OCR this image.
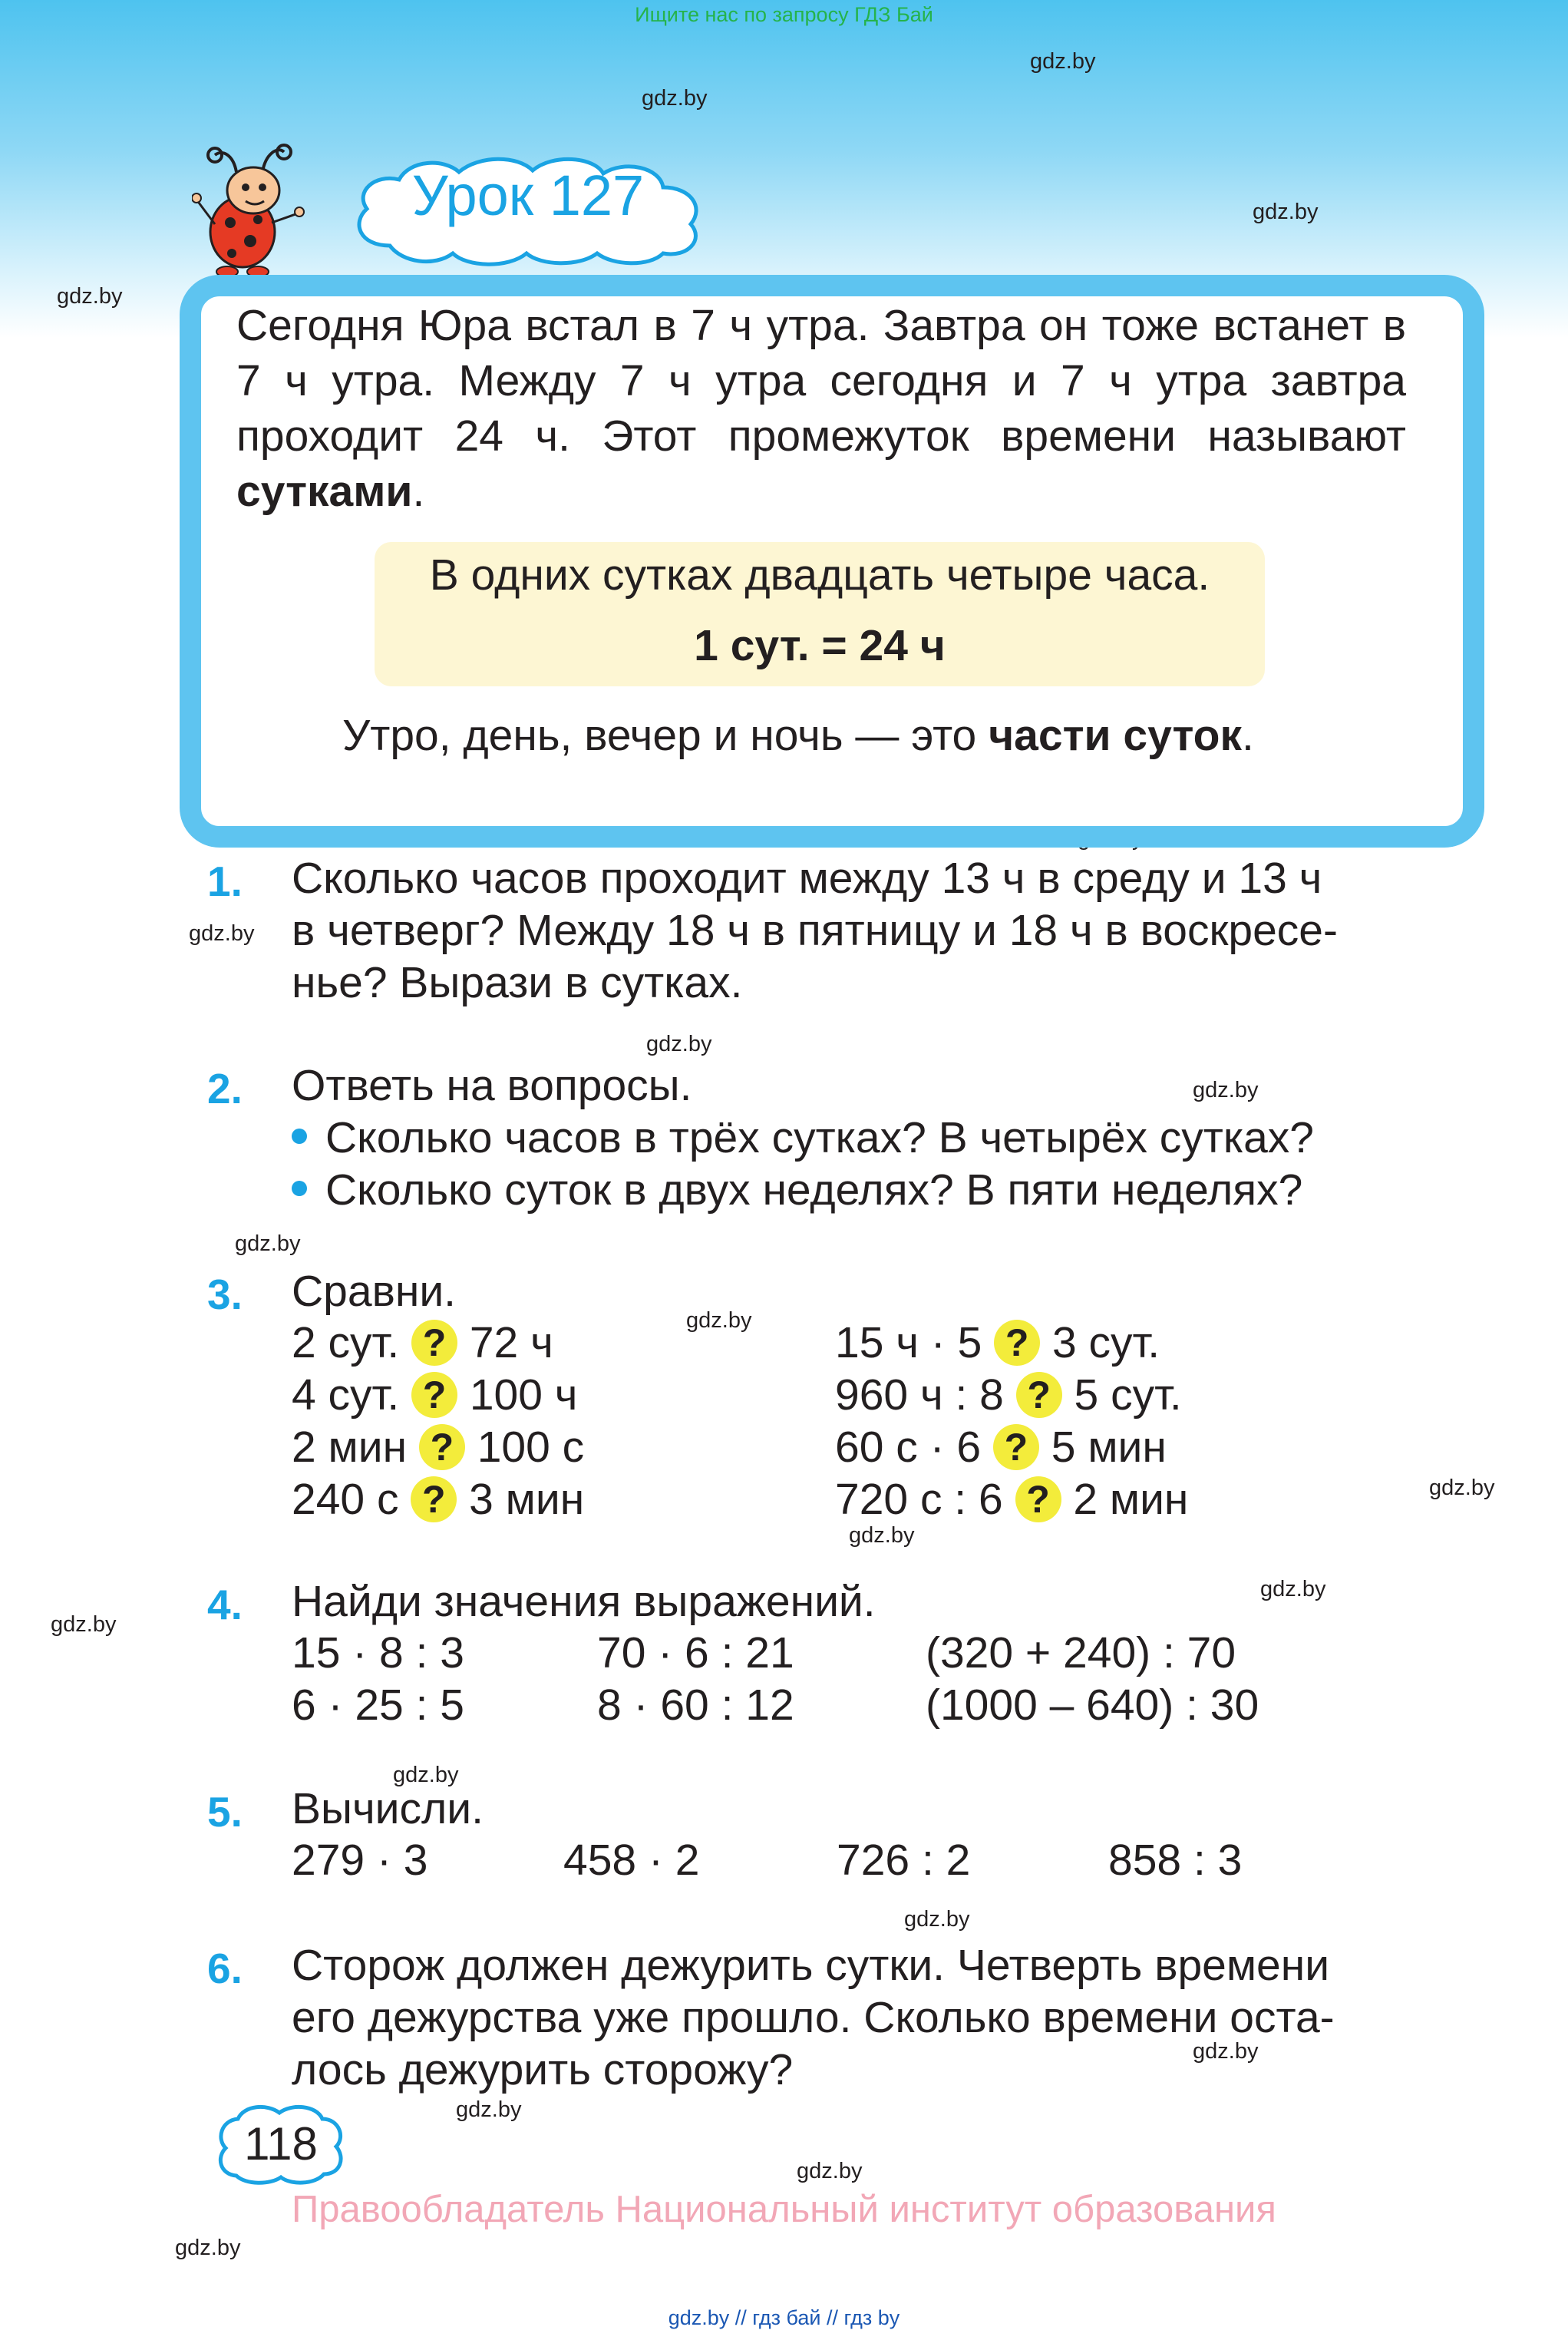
Ищите нас по запросу ГДЗ Бай
gdz.by
gdz.by
gdz.by
gdz.by
gdz.by
gdz.by
gdz.by
gdz.by
gdz.by
gdz.by
gdz.by
gdz.by
gdz.by
gdz.by
gdz.by
gdz.by
gdz.by
gdz.by
gdz.by
Урок 127
Сегодня Юра встал в 7 ч утра. Завтра он тоже встанет в 7 ч утра. Между 7 ч утра сегодня и 7 ч утра завтра проходит 24 ч. Этот промежуток времени называют сутками.
В одних сутках двадцать четыре часа.
1 сут. = 24 ч
Утро, день, вечер и ночь — это части суток.
1. Сколько часов проходит между 13 ч в среду и 13 ч
в четверг? Между 18 ч в пятницу и 18 ч в воскресе-
нье? Вырази в сутках.
2. Ответь на вопросы.
Сколько часов в трёх сутках? В четырёх сутках?
Сколько суток в двух неделях? В пяти неделях?
3. Сравни.
2 сут. ? 72 ч
4 сут. ? 100 ч
2 мин ? 100 с
240 с ? 3 мин
15 ч · 5 ? 3 сут.
960 ч : 8 ? 5 сут.
60 с · 6 ? 5 мин
720 с : 6 ? 2 мин
4. Найди значения выражений.
15 · 8 : 3	70 · 6 : 21	(320 + 240) : 70
6 · 25 : 5	8 · 60 : 12	(1000 – 640) : 30
5. Вычисли.
279 · 3	458 · 2	726 : 2	858 : 3
6. Сторож должен дежурить сутки. Четверть времени
его дежурства уже прошло. Сколько времени оста-
лось дежурить сторожу?
118
Правообладатель Национальный институт образования
gdz.by // гдз бай // гдз by
